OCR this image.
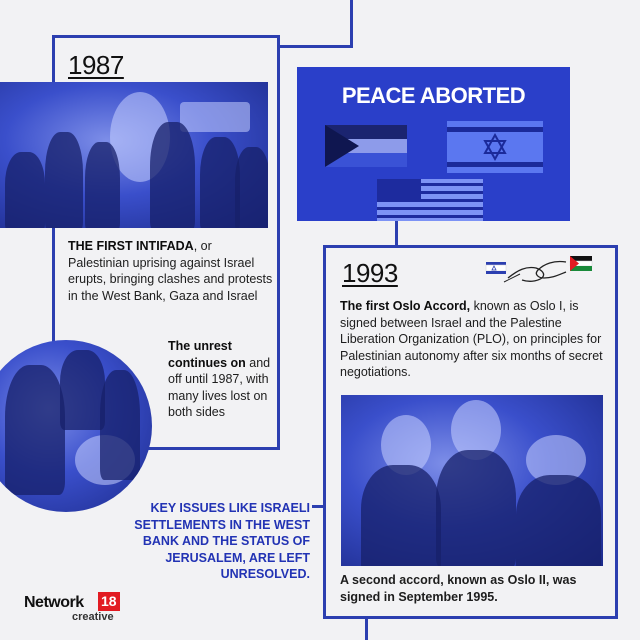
1987
THE FIRST INTIFADA, or Palestinian uprising against Israel erupts, bringing clashes and protests in the West Bank, Gaza and Israel
The unrest continues on and off until 1987, with many lives lost on both sides
PEACE ABORTED
1993
The first Oslo Accord, known as Oslo I, is signed between Israel and the Palestine Liberation Organization (PLO), on principles for Palestinian autonomy after six months of secret negotiations.
A second accord, known as Oslo II, was signed in September 1995.
KEY ISSUES LIKE ISRAELI SETTLEMENTS IN THE WEST BANK AND THE STATUS OF JERUSALEM, ARE LEFT UNRESOLVED.
Network 18
creative
